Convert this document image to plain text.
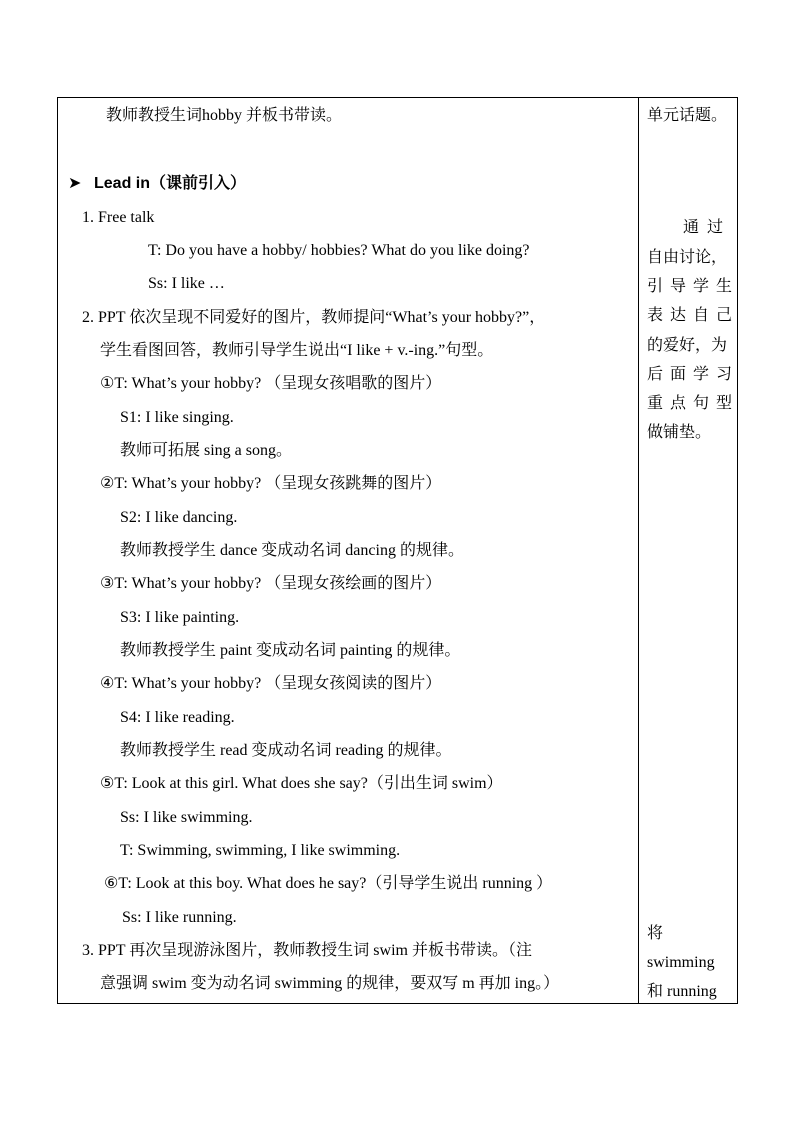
教师教授生词hobby 并板书带读。
➤ Lead in（课前引入）
1. Free talk
T: Do you have a hobby/ hobbies? What do you like doing?
Ss: I like …
2. PPT 依次呈现不同爱好的图片，教师提问“What’s your hobby?”，
学生看图回答，教师引导学生说出“I like + v.-ing.”句型。
①T: What’s your hobby? （呈现女孩唱歌的图片）
S1: I like singing.
教师可拓展 sing a song。
②T: What’s your hobby? （呈现女孩跳舞的图片）
S2: I like dancing.
教师教授学生 dance 变成动名词 dancing 的规律。
③T: What’s your hobby? （呈现女孩绘画的图片）
S3: I like painting.
教师教授学生 paint 变成动名词 painting 的规律。
④T: What’s your hobby? （呈现女孩阅读的图片）
S4: I like reading.
教师教授学生 read 变成动名词 reading 的规律。
⑤T: Look at this girl. What does she say?（引出生词 swim）
Ss: I like swimming.
T: Swimming, swimming, I like swimming.
⑥T: Look at this boy. What does he say?（引导学生说出 running ）
Ss: I like running.
3. PPT 再次呈现游泳图片，教师教授生词 swim 并板书带读。（注
意强调 swim 变为动名词 swimming 的规律，要双写 m 再加 ing。）
单元话题。
通 过
自由讨论，
引导学生
表达自己
的爱好，为
后面学习
重点句型
做铺垫。
将
swimming
和 running
